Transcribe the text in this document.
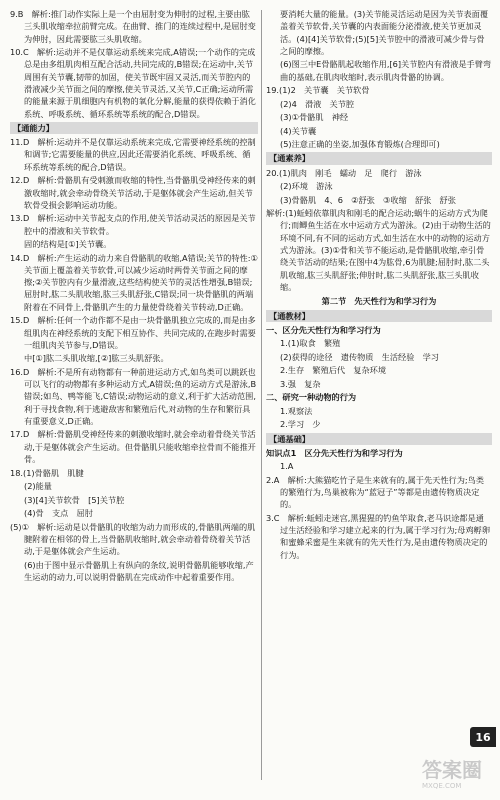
9.B　解析:推门动作实际上是一个由屈肘变为伸肘的过程,主要由肱三头肌收缩牵拉前臂完成。在曲臂、推门的连续过程中,是屈肘变为伸肘，因此需要肱三头肌收缩。
10.C　解析:运动并不是仅靠运动系统来完成,A错误;一个动作的完成总是由多组肌肉相互配合活动,共同完成的,B错误;在运动中,关节周围有关节囊,韧带的加固，使关节既牢固又灵活,而关节腔内的滑液减少关节面之间的摩擦,使关节灵活,又关节,C正确;运动所需的能量来源于肌细胞内有机物的氧化分解,能量的获得依赖于消化系统、呼吸系统、循环系统等系统的配合,D错误。
【通能力】
11.D　解析:运动并不是仅靠运动系统来完成,它需要神经系统的控制和调节;它需要能量的供应,因此还需要消化系统、呼吸系统、循环系统等系统的配合,D错误。
12.D　解析:骨骼肌有受刺激而收缩的特性,当骨骼肌受神经传来的刺激收缩时,就会牵动骨绕关节活动,于是躯体就会产生运动,但关节软骨受损会影响运动功能。
13.D　解析:运动中关节起支点的作用,使关节活动灵活的原因是关节腔中的滑液和关节软骨。
固的结构是[①]关节囊。
14.D　解析:产生运动的动力来自骨骼肌的收缩,A错误;关节的特性:①关节面上覆盖着关节软骨,可以减少运动时两骨关节面之间的摩擦;②关节腔内有少量滑液,这些结构使关节的灵活性增强,B错误;屈肘时,肱二头肌收缩,肱三头肌舒张,C错误;同一块骨骼肌的两端附着在不同骨上,骨骼肌产生的力量使骨绕着关节转动,D正确。
15.D　解析:任何一个动作都不是由一块骨骼肌独立完成的,而是由多组肌肉在神经系统的支配下相互协作、共同完成的,在跑步时需要一组肌肉关节参与,D错误。
中[①]肱二头肌收缩,[②]肱三头肌舒张。
16.D　解析:不是所有动物都有一种前进运动方式,如鸟类可以跳跃也可以飞行的动物都有多种运动方式,A错误;鱼的运动方式是游泳,B错误;如鸟、鸭等能飞,C错误;动物运动的意义,利于扩大活动范围,利于寻找食物,利于逃避敌害和繁殖后代,对动物的生存和繁衍具有重要意义,D正确。
17.D　解析:骨骼肌受神经传来的刺激收缩时,就会牵动着骨绕关节活动,于是躯体就会产生运动。但骨骼肌只能收缩牵拉骨而不能推开骨。
18.(1)骨骼肌　肌腱
(2)能量
(3)[4]关节软骨　[5]关节腔
(4)骨　支点　屈肘
(5)①　解析:运动是以骨骼肌的收缩为动力而形成的,骨骼肌两端的肌腱附着在相邻的骨上,当骨骼肌收缩时,就会牵动着骨绕着关节活动,于是躯体就会产生运动。
(6)由于图中显示骨骼肌上有纵向的条纹,说明骨骼肌能够收缩,产生运动的动力,可以说明骨骼肌在完成动作中起着重要作用。
要消耗大量的能量。(3)关节能灵活运动是因为关节表面覆盖着关节软骨,关节囊的内表面能分泌滑液,使关节更加灵活。(4)[4]关节软骨;(5)[5]关节腔中的滑液可减少骨与骨之间的摩擦。
(6)图三中E骨骼肌起收缩作用,[6]关节腔内有滑液是手臂弯曲的基础,在肌肉收缩时,表示肌肉骨骼的协调。
19.(1)2　关节囊　关节软骨
(2)4　滑液　关节腔
(3)①骨骼肌　神经
(4)关节囊
(5)注意正确的坐姿,加强体育锻炼(合理即可)
【通素养】
20.(1)肌肉　刚毛　蠕动　足　爬行　游泳
(2)环境　游泳
(3)骨骼肌　4、6　②舒张　③收缩　舒张　舒张
解析:(1)蚯蚓依靠肌肉和刚毛的配合运动;蜗牛的运动方式为爬行;而鲫鱼生活在水中运动方式为游泳。(2)由于动物生活的环境不同,有不同的运动方式,如生活在水中的动物的运动方式为游泳。(3)①骨和关节不能运动,是骨骼肌收缩,牵引骨绕关节活动的结果;在图中4为肱骨,6为肌腱;屈肘时,肱二头肌收缩,肱三头肌舒张;伸肘时,肱二头肌舒张,肱三头肌收缩。
第二节　先天性行为和学习行为
【通教材】
一、区分先天性行为和学习行为
1.(1)取食　繁殖
(2)获得的途径　遗传物质　生活经验　学习
2.生存　繁殖后代　复杂环境
3.强　复杂
二、研究一种动物的行为
1.观察法
2.学习　少
【通基础】
知识点1　区分先天性行为和学习行为
1.A
2.A　解析:大熊猫吃竹子是生来就有的,属于先天性行为;鸟类的繁殖行为,鸟巢被称为“蓝冠子”等都是由遗传物质决定的。
3.C　解析:蚯蚓走迷宫,黑猩猩的钓鱼竿取食,老马识途都是通过生活经验和学习建立起来的行为,属于学习行为;母鸡孵卵和蜜蜂采蜜是生来就有的先天性行为,是由遗传物质决定的行为。
16
答案圈
MXQE.COM
